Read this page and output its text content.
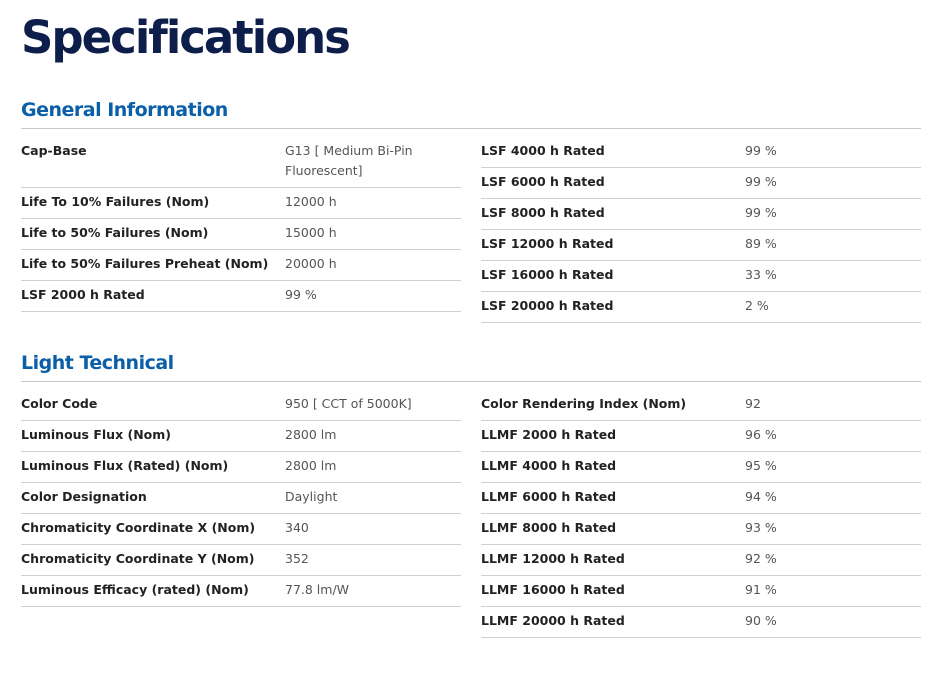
Specifications
General Information
Cap-Base	G13 [ Medium Bi-Pin Fluorescent]
Life To 10% Failures (Nom)	12000 h
Life to 50% Failures (Nom)	15000 h
Life to 50% Failures Preheat (Nom)	20000 h
LSF 2000 h Rated	99 %
LSF 4000 h Rated	99 %
LSF 6000 h Rated	99 %
LSF 8000 h Rated	99 %
LSF 12000 h Rated	89 %
LSF 16000 h Rated	33 %
LSF 20000 h Rated	2 %
Light Technical
Color Code	950 [ CCT of 5000K]
Luminous Flux (Nom)	2800 lm
Luminous Flux (Rated) (Nom)	2800 lm
Color Designation	Daylight
Chromaticity Coordinate X (Nom)	340
Chromaticity Coordinate Y (Nom)	352
Luminous Efficacy (rated) (Nom)	77.8 lm/W
Color Rendering Index (Nom)	92
LLMF 2000 h Rated	96 %
LLMF 4000 h Rated	95 %
LLMF 6000 h Rated	94 %
LLMF 8000 h Rated	93 %
LLMF 12000 h Rated	92 %
LLMF 16000 h Rated	91 %
LLMF 20000 h Rated	90 %
